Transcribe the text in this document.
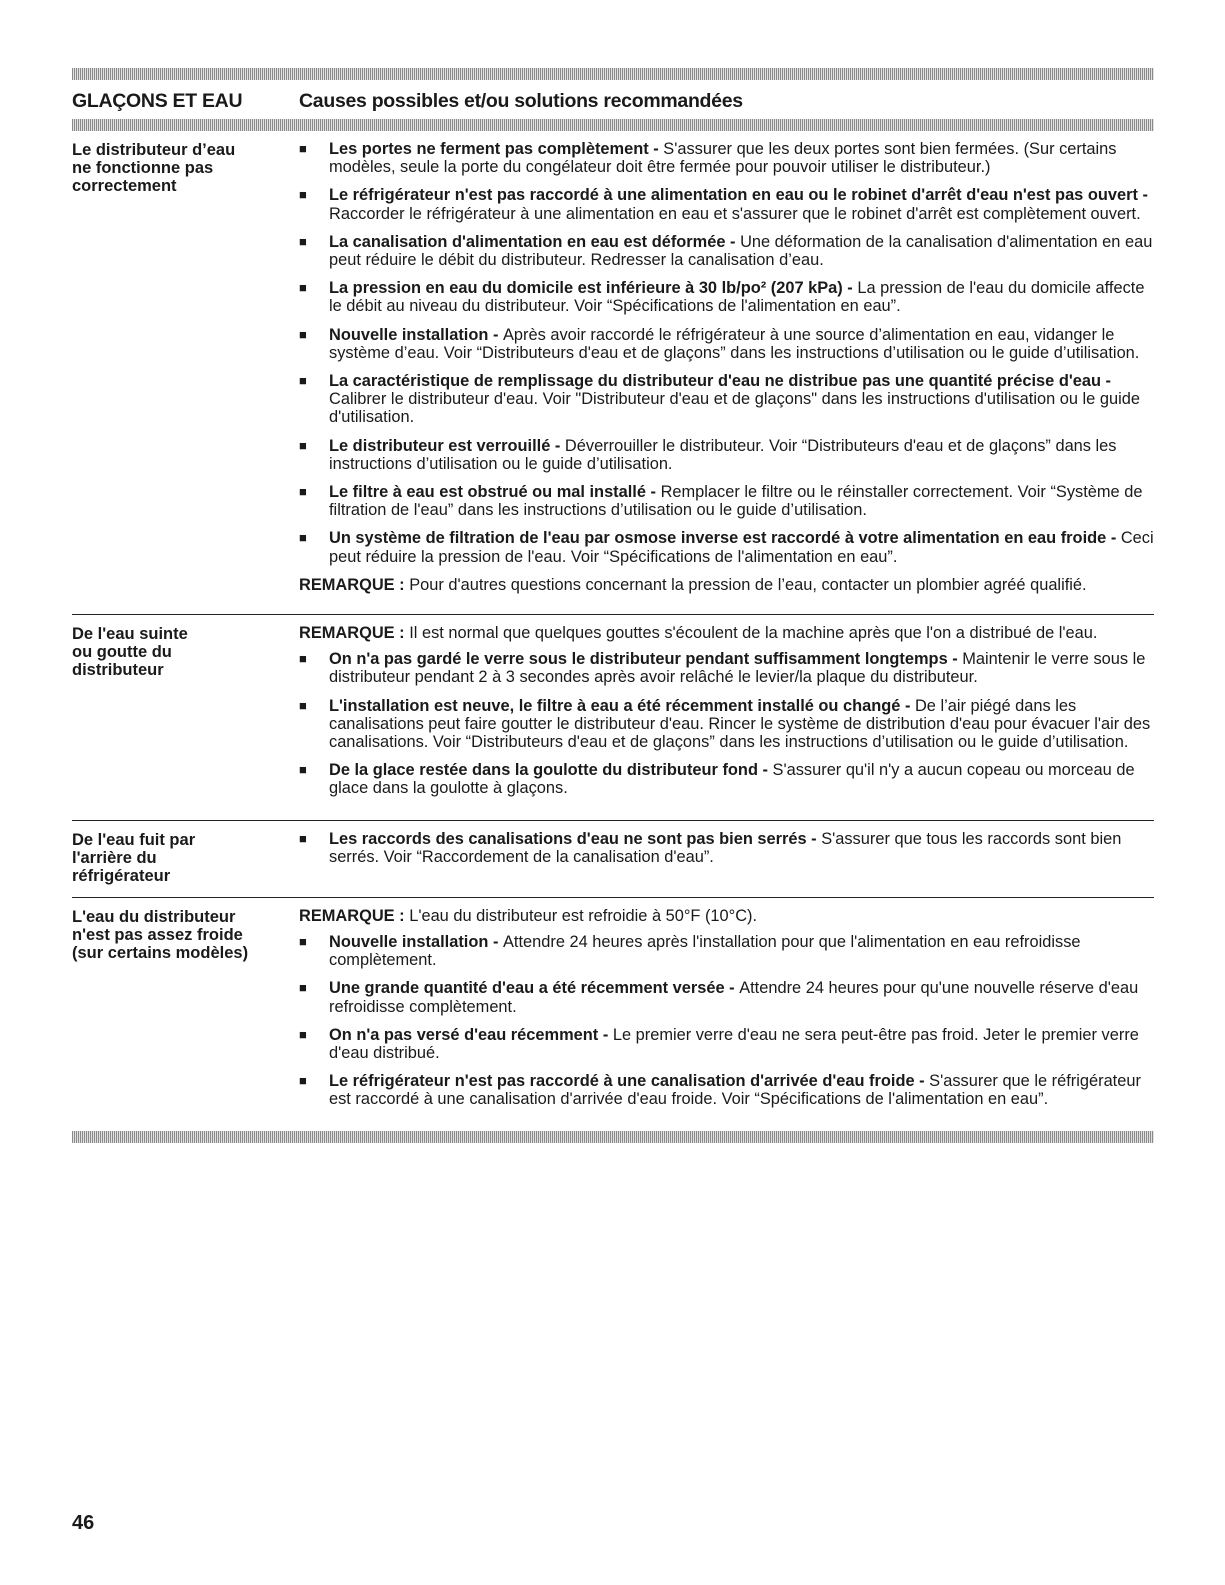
GLAÇONS ET EAU	Causes possibles et/ou solutions recommandées
Le distributeur d’eau
ne fonctionne pas
correctement
■ Les portes ne ferment pas complètement - S'assurer que les deux portes sont bien fermées. (Sur certains modèles, seule la porte du congélateur doit être fermée pour pouvoir utiliser le distributeur.)
■ Le réfrigérateur n'est pas raccordé à une alimentation en eau ou le robinet d'arrêt d'eau n'est pas ouvert - Raccorder le réfrigérateur à une alimentation en eau et s'assurer que le robinet d'arrêt est complètement ouvert.
■ La canalisation d'alimentation en eau est déformée - Une déformation de la canalisation d'alimentation en eau peut réduire le débit du distributeur. Redresser la canalisation d’eau.
■ La pression en eau du domicile est inférieure à 30 lb/po² (207 kPa) - La pression de l'eau du domicile affecte le débit au niveau du distributeur. Voir “Spécifications de l'alimentation en eau”.
■ Nouvelle installation - Après avoir raccordé le réfrigérateur à une source d’alimentation en eau, vidanger le système d’eau. Voir “Distributeurs d'eau et de glaçons” dans les instructions d’utilisation ou le guide d’utilisation.
■ La caractéristique de remplissage du distributeur d'eau ne distribue pas une quantité précise d'eau - Calibrer le distributeur d'eau. Voir "Distributeur d'eau et de glaçons" dans les instructions d'utilisation ou le guide d'utilisation.
■ Le distributeur est verrouillé - Déverrouiller le distributeur. Voir “Distributeurs d'eau et de glaçons” dans les instructions d’utilisation ou le guide d’utilisation.
■ Le filtre à eau est obstrué ou mal installé - Remplacer le filtre ou le réinstaller correctement. Voir “Système de filtration de l'eau” dans les instructions d’utilisation ou le guide d’utilisation.
■ Un système de filtration de l'eau par osmose inverse est raccordé à votre alimentation en eau froide - Ceci peut réduire la pression de l'eau. Voir “Spécifications de l'alimentation en eau”.
REMARQUE : Pour d'autres questions concernant la pression de l’eau, contacter un plombier agréé qualifié.
De l'eau suinte
ou goutte du
distributeur
REMARQUE : Il est normal que quelques gouttes s'écoulent de la machine après que l'on a distribué de l'eau.
■ On n'a pas gardé le verre sous le distributeur pendant suffisamment longtemps - Maintenir le verre sous le distributeur pendant 2 à 3 secondes après avoir relâché le levier/la plaque du distributeur.
■ L'installation est neuve, le filtre à eau a été récemment installé ou changé - De l’air piégé dans les canalisations peut faire goutter le distributeur d'eau. Rincer le système de distribution d'eau pour évacuer l'air des canalisations. Voir “Distributeurs d'eau et de glaçons” dans les instructions d’utilisation ou le guide d’utilisation.
■ De la glace restée dans la goulotte du distributeur fond - S'assurer qu'il n'y a aucun copeau ou morceau de glace dans la goulotte à glaçons.
De l'eau fuit par
l'arrière du
réfrigérateur
■ Les raccords des canalisations d'eau ne sont pas bien serrés - S'assurer que tous les raccords sont bien serrés. Voir “Raccordement de la canalisation d'eau”.
L'eau du distributeur
n'est pas assez froide
(sur certains modèles)
REMARQUE : L'eau du distributeur est refroidie à 50°F (10°C).
■ Nouvelle installation - Attendre 24 heures après l'installation pour que l'alimentation en eau refroidisse complètement.
■ Une grande quantité d'eau a été récemment versée - Attendre 24 heures pour qu'une nouvelle réserve d'eau refroidisse complètement.
■ On n'a pas versé d'eau récemment - Le premier verre d'eau ne sera peut-être pas froid. Jeter le premier verre d'eau distribué.
■ Le réfrigérateur n'est pas raccordé à une canalisation d'arrivée d'eau froide - S'assurer que le réfrigérateur est raccordé à une canalisation d'arrivée d'eau froide. Voir “Spécifications de l'alimentation en eau”.
46
